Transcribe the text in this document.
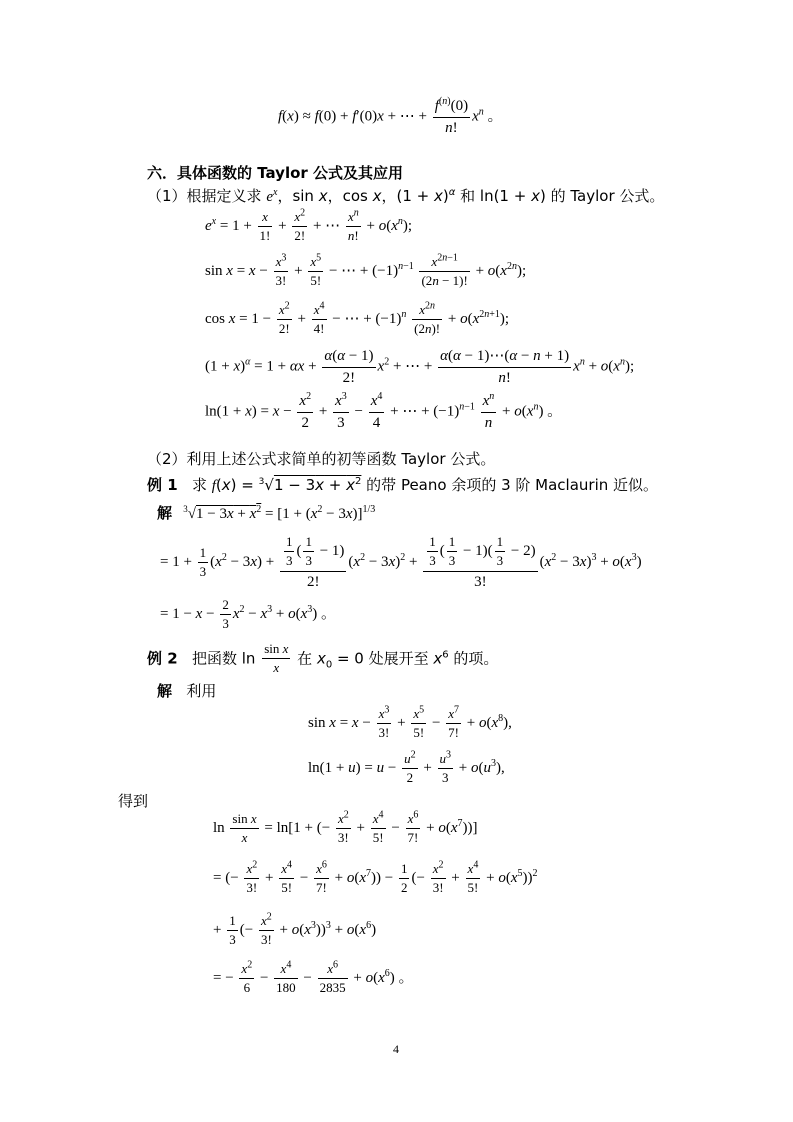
f(x) ≈ f(0) + f′(0)x + ⋯ + $\frac{f^{(n)}(0)}{n!} x^n$ 。
六．具体函数的 Taylor 公式及其应用
（1）根据定义求 $e^x$，sin x，cos x，$(1 + x)^\alpha$ 和 ln(1 + x) 的 Taylor 公式。
$e^x = 1 + \frac{x}{1!} + \frac{x^2}{2!}$ + ⋯ $\frac{x^n}{n!} + o(x^n)$;
$\sin x = x - \frac{x^3}{3!} + \frac{x^5}{5!}$ − ⋯ + $(-1)^{n-1} \frac{x^{2n-1}}{(2n - 1)!} + o(x^{2n})$;
$\cos x = 1 - \frac{x^2}{2!} + \frac{x^4}{4!}$ − ⋯ + $(-1)^n \frac{x^{2n}}{(2n)!} + o(x^{2n+1})$;
$(1 + x)^\alpha = 1 + \alpha x + \frac{\alpha(\alpha - 1)}{2!} x^2$ + ⋯ + $\frac{\alpha(\alpha - 1)\cdots(\alpha - n + 1)}{n!} x^n + o(x^n)$;
$\ln(1 + x) = x - \frac{x^2}{2} + \frac{x^3}{3} - \frac{x^4}{4}$ + ⋯ + $(-1)^{n-1} \frac{x^n}{n} + o(x^n)$ 。
（2）利用上述公式求简单的初等函数 Taylor 公式。
例 1   求 $f(x) = ^3√1 - 3x + x^2$ 的带 Peano 余项的 3 阶 Maclaurin 近似。
解 $^3√1 - 3x + x^2 = [1 + (x^2 - 3x)]^{1/3}$
= $1 + \frac{1}{3} (x^2 - 3x) + \frac{\frac{1}{3} ( \frac{1}{3} - 1)}{2!} (x^2 - 3x)^2 + \frac{\frac{1}{3} ( \frac{1}{3} - 1)( \frac{1}{3} - 2)}{3!} (x^2 - 3x)^3 + o(x^3)$
= $1 - x - \frac{2}{3} x^2 - x^3 + o(x^3)$ 。
例 2   把函数 $\ln \frac{\text{sin x}}{x}$ 在 $x_0 = 0$ 处展开至 $x^6$ 的项。
解 利用
$\sin x = x - \frac{x^3}{3!} + \frac{x^5}{5!} - \frac{x^7}{7!} + o(x^8)$,
$\ln(1 + u) = u - \frac{u^2}{2} + \frac{u^3}{3} + o(u^3)$,
得到
$\ln \frac{\text{sin x}}{x} = \ln[1$ + (− $\frac{x^2}{3!} + \frac{x^4}{5!} - \frac{x^6}{7!} + o(x^7)$)]
= (− $\frac{x^2}{3!} + \frac{x^4}{5!} - \frac{x^6}{7!} + o(x^7)) - \frac{1}{2}$ (− $\frac{x^2}{3!} + \frac{x^4}{5!} + o(x^5))^2$
+ $\frac{1}{3}$ (− $\frac{x^2}{3!} + o(x^3))^3 + o(x^6)$
= − $\frac{x^2}{6} - \frac{x^4}{180} - \frac{x^6}{2835} + o(x^6)$ 。
4
